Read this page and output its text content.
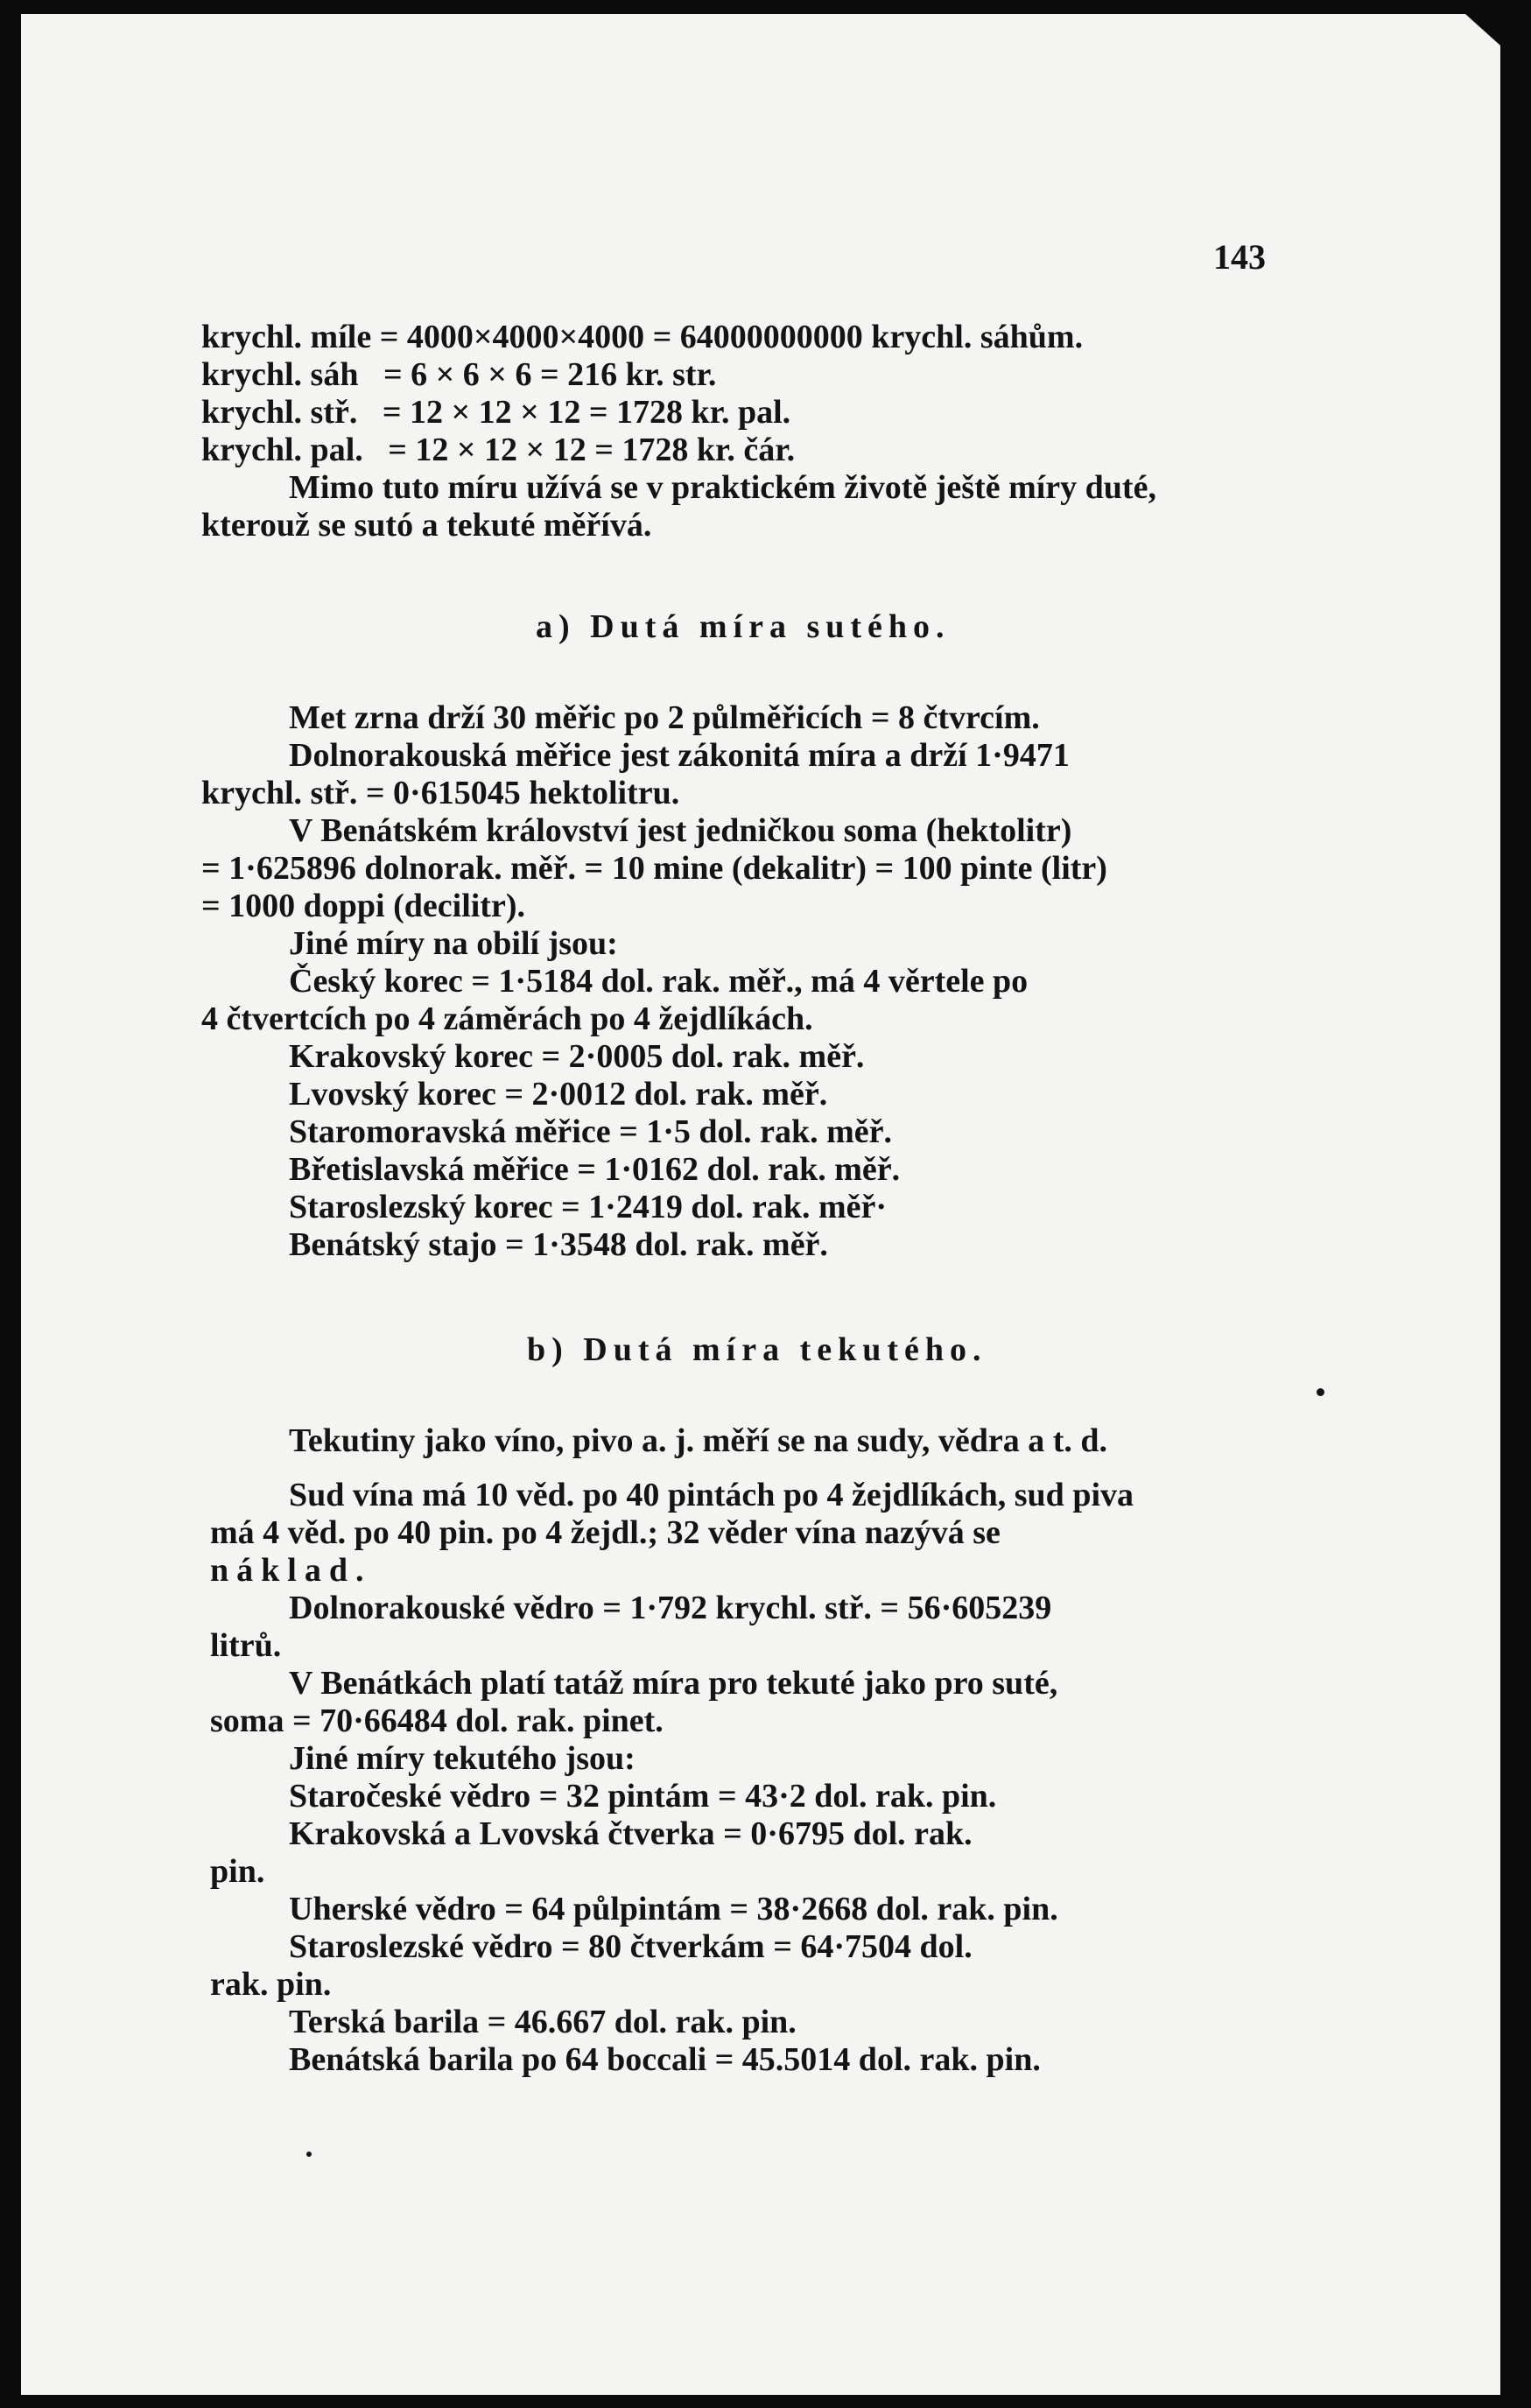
143
krychl. míle = 4000×4000×4000 = 64000000000 krychl. sáhům.
krychl. sáh   = 6 × 6 × 6 = 216 kr. str.
krychl. stř.   = 12 × 12 × 12 = 1728 kr. pal.
krychl. pal.   = 12 × 12 × 12 = 1728 kr. čár.
Mimo tuto míru užívá se v praktickém životě ještě míry duté,
kterouž se sutó a tekuté měřívá.
a) Dutá míra sutého.
Met zrna drží 30 měřic po 2 půlměřicích = 8 čtvrcím.
Dolnorakouská měřice jest zákonitá míra a drží 1·9471
krychl. stř. = 0·615045 hektolitru.
V Benátském království jest jedničkou soma (hektolitr)
= 1·625896 dolnorak. měř. = 10 mine (dekalitr) = 100 pinte (litr)
= 1000 doppi (decilitr).
Jiné míry na obilí jsou:
Český korec = 1·5184 dol. rak. měř., má 4 věrtele po
4 čtvertcích po 4 záměrách po 4 žejdlíkách.
Krakovský korec = 2·0005 dol. rak. měř.
Lvovský korec = 2·0012 dol. rak. měř.
Staromoravská měřice = 1·5 dol. rak. měř.
Břetislavská měřice = 1·0162 dol. rak. měř.
Staroslezský korec = 1·2419 dol. rak. měř·
Benátský stajo = 1·3548 dol. rak. měř.
b) Dutá míra tekutého.
Tekutiny jako víno, pivo a. j. měří se na sudy, vědra a t. d.
Sud vína má 10 věd. po 40 pintách po 4 žejdlíkách, sud piva
má 4 věd. po 40 pin. po 4 žejdl.; 32 věder vína nazývá se
náklad.
Dolnorakouské vědro = 1·792 krychl. stř. = 56·605239
litrů.
V Benátkách platí tatáž míra pro tekuté jako pro suté,
soma = 70·66484 dol. rak. pinet.
Jiné míry tekutého jsou:
Staročeské vědro = 32 pintám = 43·2 dol. rak. pin.
Krakovská a Lvovská čtverka = 0·6795 dol. rak.
pin.
Uherské vědro = 64 půlpintám = 38·2668 dol. rak. pin.
Staroslezské vědro = 80 čtverkám = 64·7504 dol.
rak. pin.
Terská barila = 46.667 dol. rak. pin.
Benátská barila po 64 boccali = 45.5014 dol. rak. pin.
